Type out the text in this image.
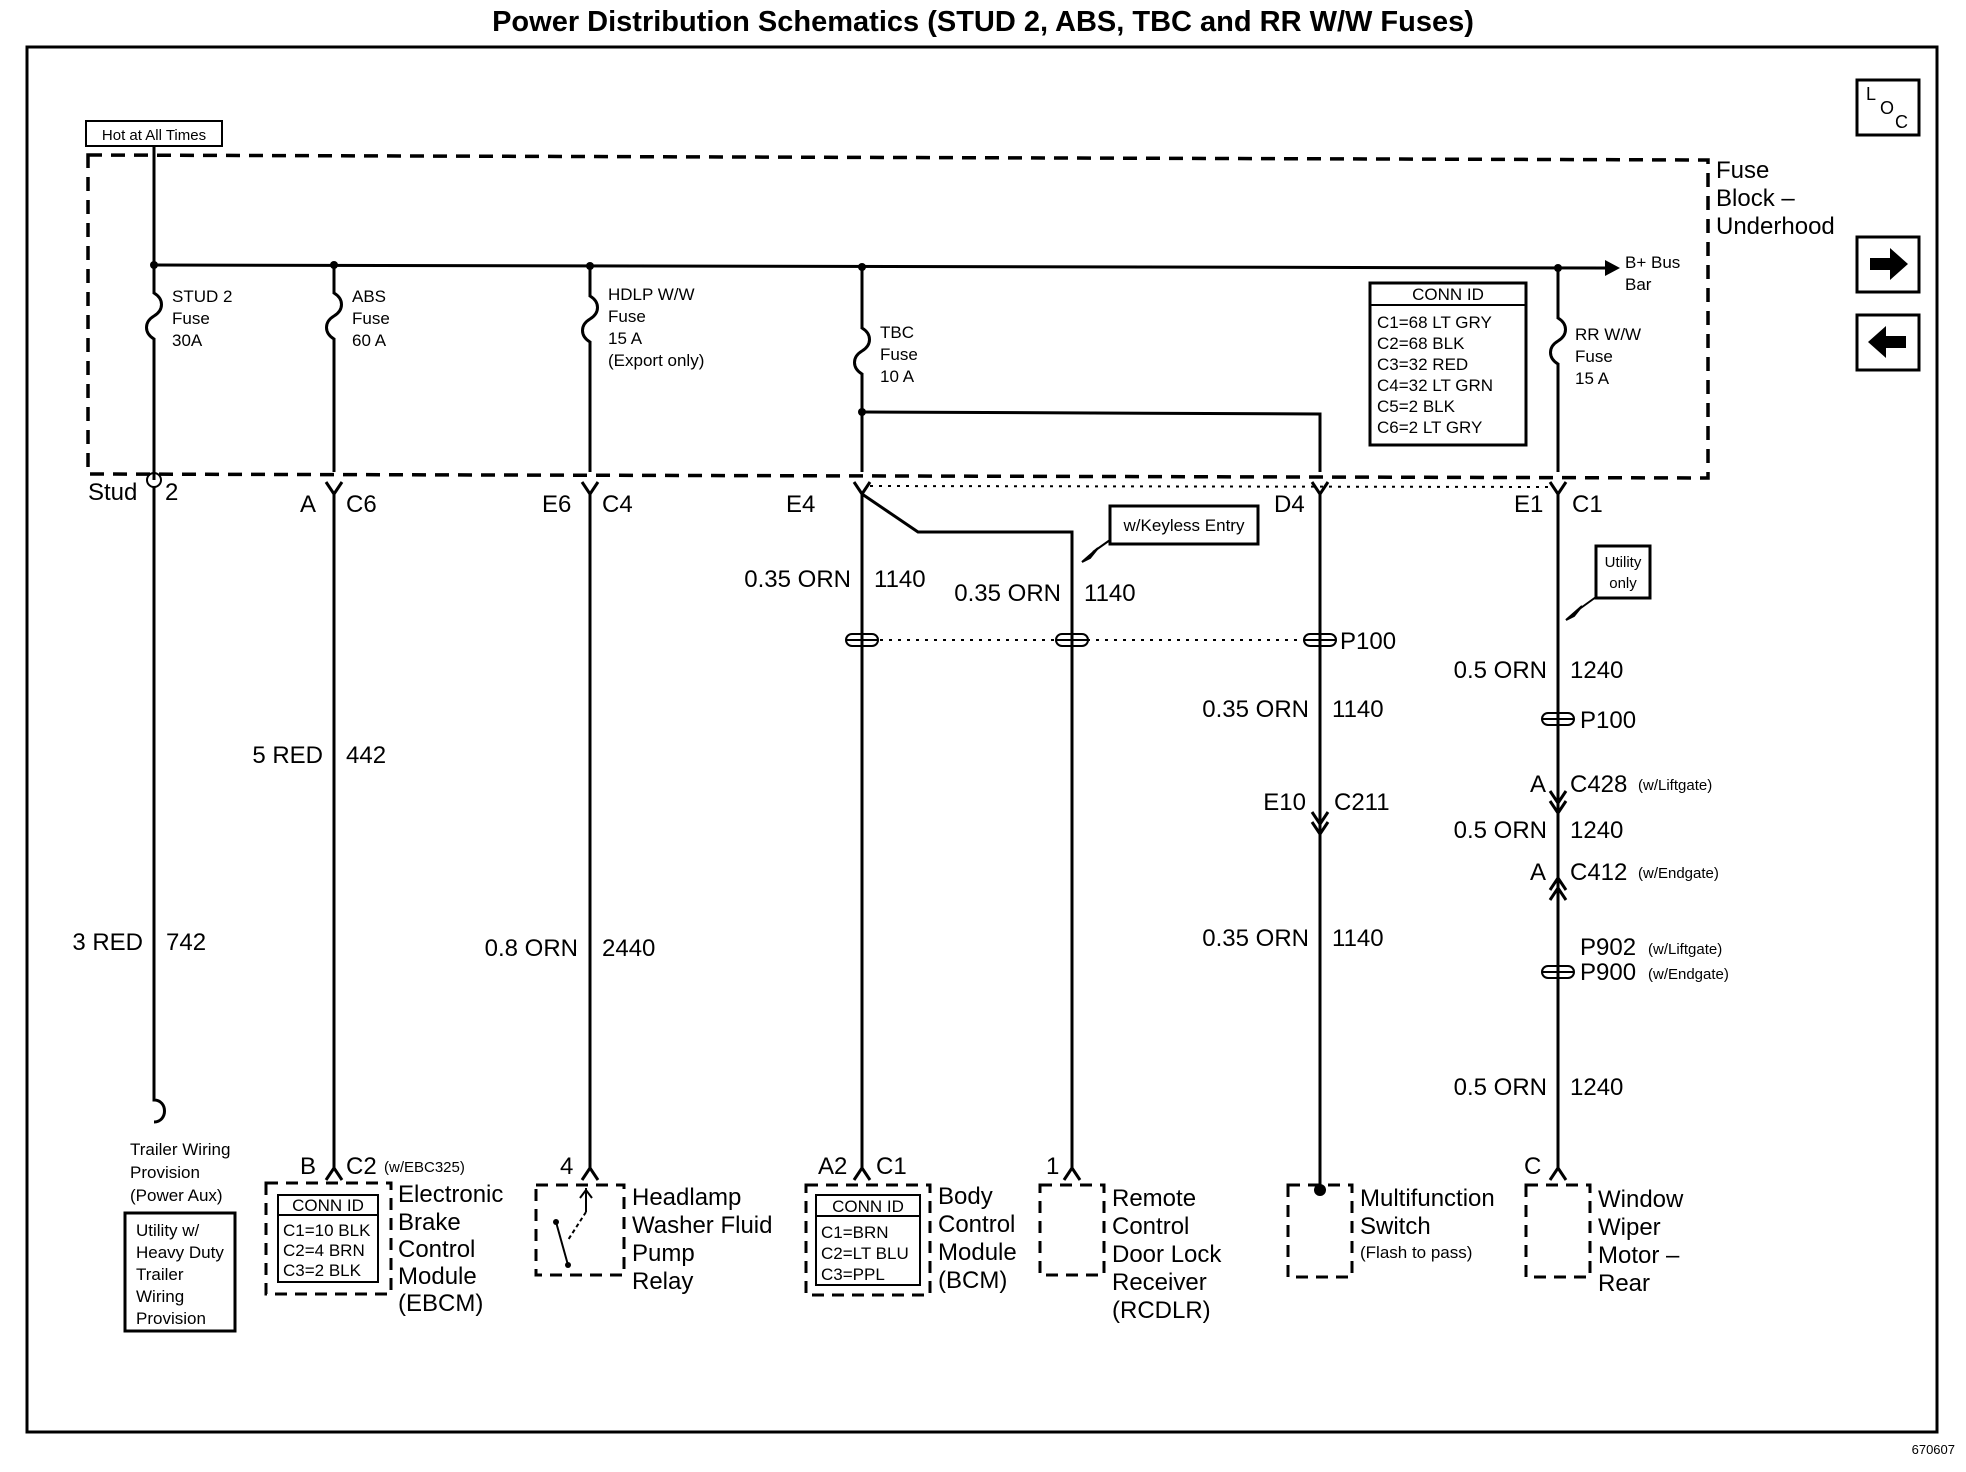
Power Distribution Schematics (STUD 2, ABS, TBC and RR W/W Fuses)
670607
L
O
C
Hot at All Times
Fuse
Block –
Underhood
B+ Bus
Bar
STUD 2
Fuse
30A
ABS
Fuse
60 A
HDLP W/W
Fuse
15 A
(Export only)
TBC
Fuse
10 A
RR W/W
Fuse
15 A
CONN ID
C1=68 LT GRY
C2=68 BLK
C3=32 RED
C4=32 LT GRN
C5=2 BLK
C6=2 LT GRY
Stud 2	A C6	E6 C4	E4	D4	E1 C1
3 RED 742
Trailer Wiring
Provision
(Power Aux)
Utility w/
Heavy Duty
Trailer
Wiring
Provision
5 RED 442
B C2 (w/EBC325)
CONN ID
C1=10 BLK
C2=4 BRN
C3=2 BLK
Electronic
Brake
Control
Module
(EBCM)
0.8 ORN 2440
4
Headlamp
Washer Fluid
Pump
Relay
0.35 ORN 1140
0.35 ORN 1140
w/Keyless Entry
P100
0.35 ORN 1140
E10 C211
0.35 ORN 1140
A2 C1
CONN ID
C1=BRN
C2=LT BLU
C3=PPL
Body
Control
Module
(BCM)
1
Remote
Control
Door Lock
Receiver
(RCDLR)
Multifunction
Switch
(Flash to pass)
Utility
only
0.5 ORN 1240
P100
A C428 (w/Liftgate)
0.5 ORN 1240
A C412 (w/Endgate)
P902 (w/Liftgate)
P900 (w/Endgate)
0.5 ORN 1240
C
Window
Wiper
Motor –
Rear
